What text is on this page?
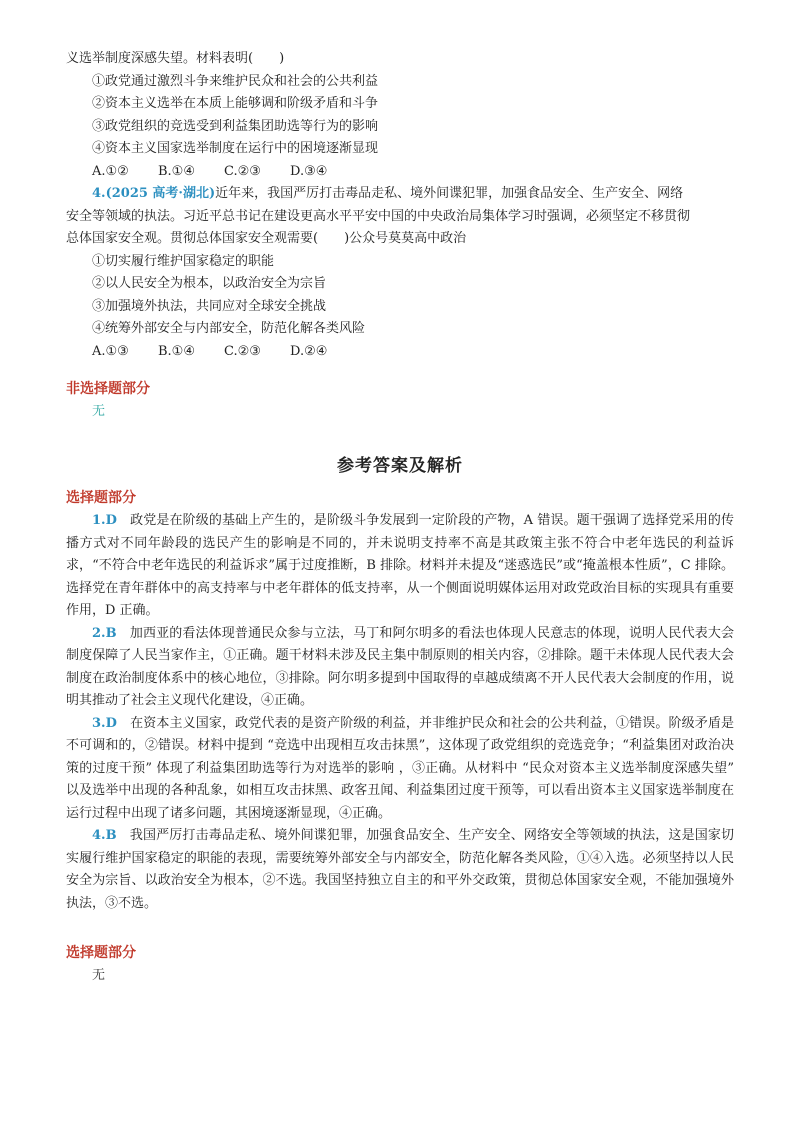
义选举制度深感失望。材料表明(　　)
①政党通过激烈斗争来维护民众和社会的公共利益
②资本主义选举在本质上能够调和阶级矛盾和斗争
③政党组织的竞选受到利益集团助选等行为的影响
④资本主义国家选举制度在运行中的困境逐渐显现
A.①② B.①④ C.②③ D.③④
4.(2025 高考·湖北)近年来，我国严厉打击毒品走私、境外间谍犯罪，加强食品安全、生产安全、网络
安全等领域的执法。习近平总书记在建设更高水平平安中国的中央政治局集体学习时强调，必须坚定不移贯彻
总体国家安全观。贯彻总体国家安全观需要(　　)公众号莫莫高中政治
①切实履行维护国家稳定的职能
②以人民安全为根本，以政治安全为宗旨
③加强境外执法，共同应对全球安全挑战
④统筹外部安全与内部安全，防范化解各类风险
A.①③ B.①④ C.②③ D.②④
非选择题部分
无
参考答案及解析
选择题部分

1.D　 政党是在阶级的基础上产生的，是阶级斗争发展到一定阶段的产物，A 错误。题干强调了选择党采用的传播方式对不同年龄段的选民产生的影响是不同的，并未说明支持率不高是其政策主张不符合中老年选民的利益诉求，“不符合中老年选民的利益诉求”属于过度推断，B 排除。材料并未提及“迷惑选民”或“掩盖根本性质”，C 排除。选择党在青年群体中的高支持率与中老年群体的低支持率，从一个侧面说明媒体运用对政党政治目标的实现具有重要作用，D 正确。

2.B　 加西亚的看法体现普通民众参与立法，马丁和阿尔明多的看法也体现人民意志的体现，说明人民代表大会制度保障了人民当家作主，①正确。题干材料未涉及民主集中制原则的相关内容，②排除。题干未体现人民代表大会制度在政治制度体系中的核心地位，③排除。阿尔明多提到中国取得的卓越成绩离不开人民代表大会制度的作用，说明其推动了社会主义现代化建设，④正确。

3.D　 在资本主义国家，政党代表的是资产阶级的利益，并非维护民众和社会的公共利益，①错误。阶级矛盾是不可调和的，②错误。材料中提到 “竞选中出现相互攻击抹黑”，这体现了政党组织的竞选竞争；“利益集团对政治决策的过度干预” 体现了利益集团助选等行为对选举的影响 ，③正确。从材料中 “民众对资本主义选举制度深感失望” 以及选举中出现的各种乱象，如相互攻击抹黑、政客丑闻、利益集团过度干预等，可以看出资本主义国家选举制度在运行过程中出现了诸多问题，其困境逐渐显现，④正确。

4.B　 我国严厉打击毒品走私、境外间谍犯罪，加强食品安全、生产安全、网络安全等领域的执法，这是国家切实履行维护国家稳定的职能的表现，需要统筹外部安全与内部安全，防范化解各类风险，①④入选。必须坚持以人民安全为宗旨、以政治安全为根本，②不选。我国坚持独立自主的和平外交政策，贯彻总体国家安全观，不能加强境外执法，③不选。

选择题部分
无
